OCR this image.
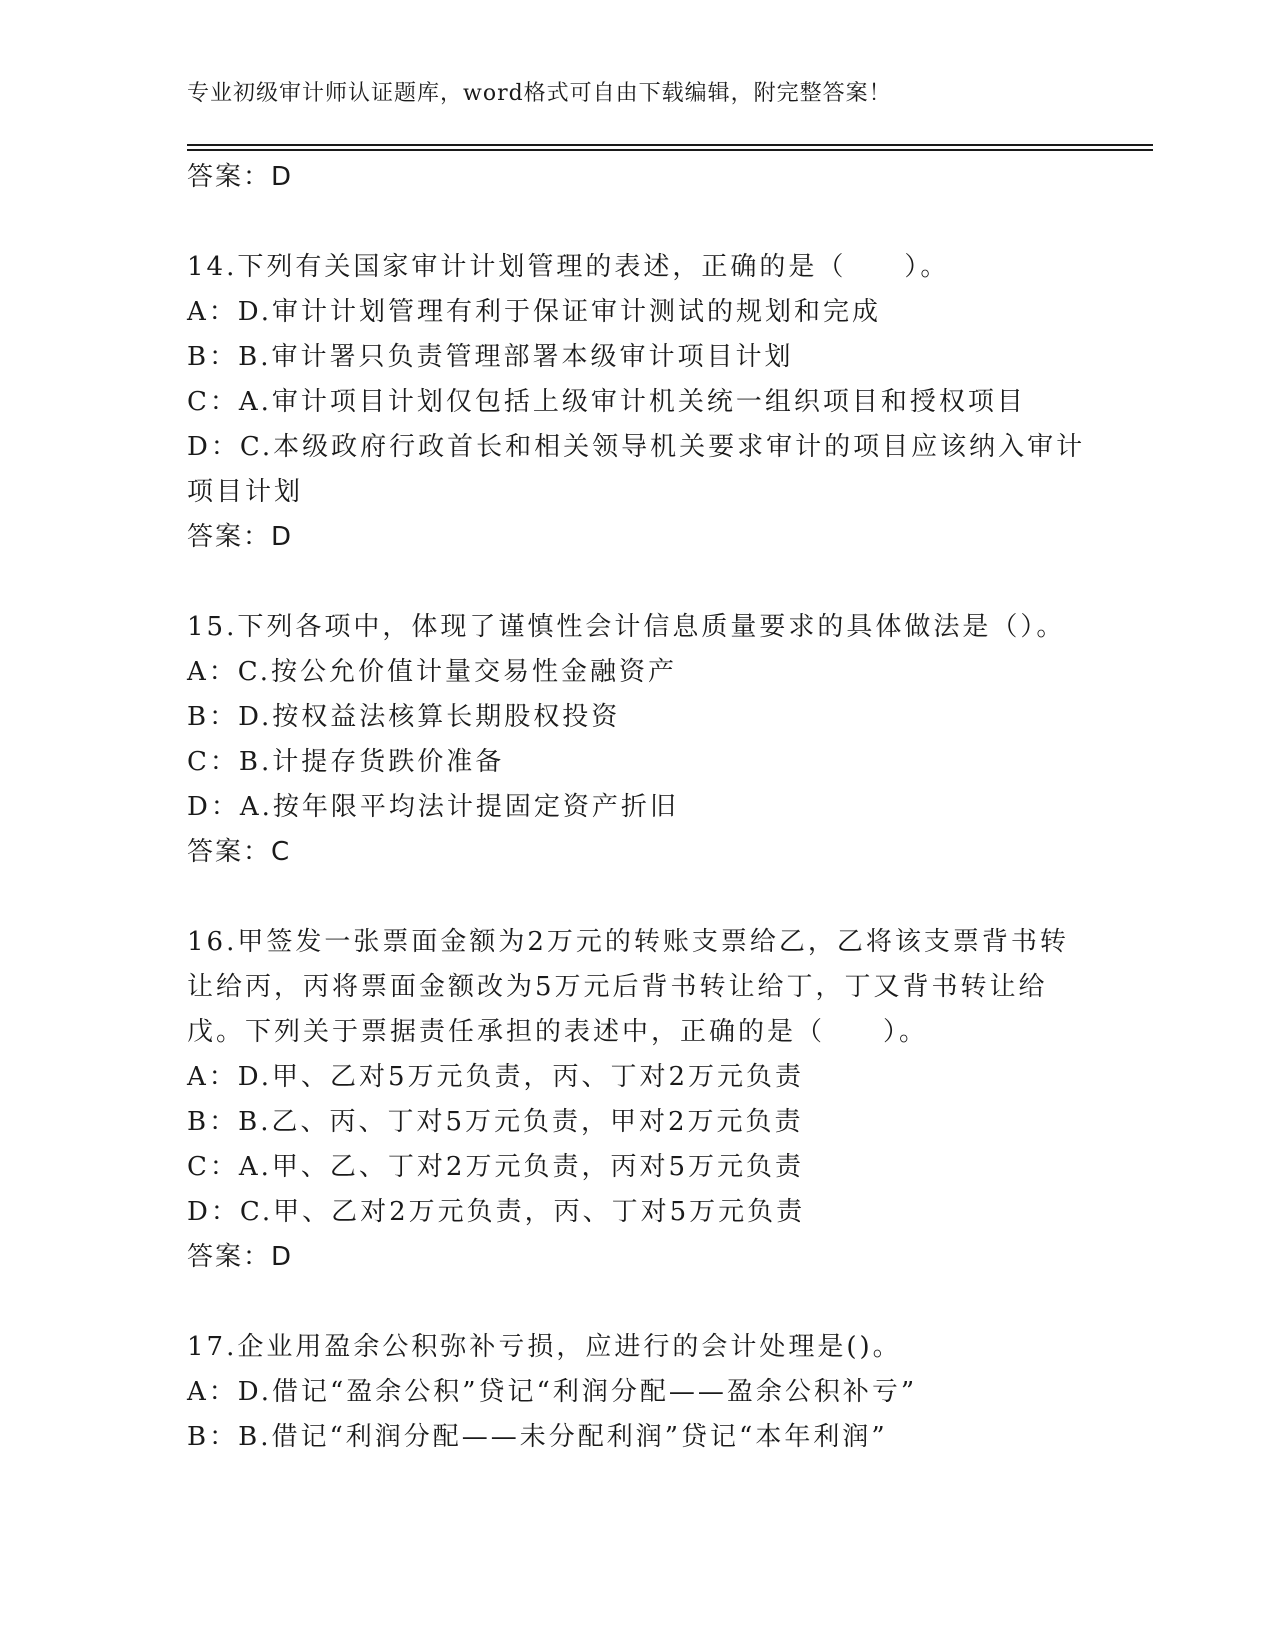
专业初级审计师认证题库，word格式可自由下载编辑，附完整答案！
答案：D
14.下列有关国家审计计划管理的表述，正确的是（　　）。
A：D.审计计划管理有利于保证审计测试的规划和完成
B：B.审计署只负责管理部署本级审计项目计划
C：A.审计项目计划仅包括上级审计机关统一组织项目和授权项目
D：C.本级政府行政首长和相关领导机关要求审计的项目应该纳入审计
项目计划
答案：D
15.下列各项中，体现了谨慎性会计信息质量要求的具体做法是（）。
A：C.按公允价值计量交易性金融资产
B：D.按权益法核算长期股权投资
C：B.计提存货跌价准备
D：A.按年限平均法计提固定资产折旧
答案：C
16.甲签发一张票面金额为2万元的转账支票给乙，乙将该支票背书转
让给丙，丙将票面金额改为5万元后背书转让给丁，丁又背书转让给
戊。下列关于票据责任承担的表述中，正确的是（　　）。
A：D.甲、乙对5万元负责，丙、丁对2万元负责
B：B.乙、丙、丁对5万元负责，甲对2万元负责
C：A.甲、乙、丁对2万元负责，丙对5万元负责
D：C.甲、乙对2万元负责，丙、丁对5万元负责
答案：D
17.企业用盈余公积弥补亏损，应进行的会计处理是()。
A：D.借记“盈余公积”贷记“利润分配——盈余公积补亏”
B：B.借记“利润分配——未分配利润”贷记“本年利润”
